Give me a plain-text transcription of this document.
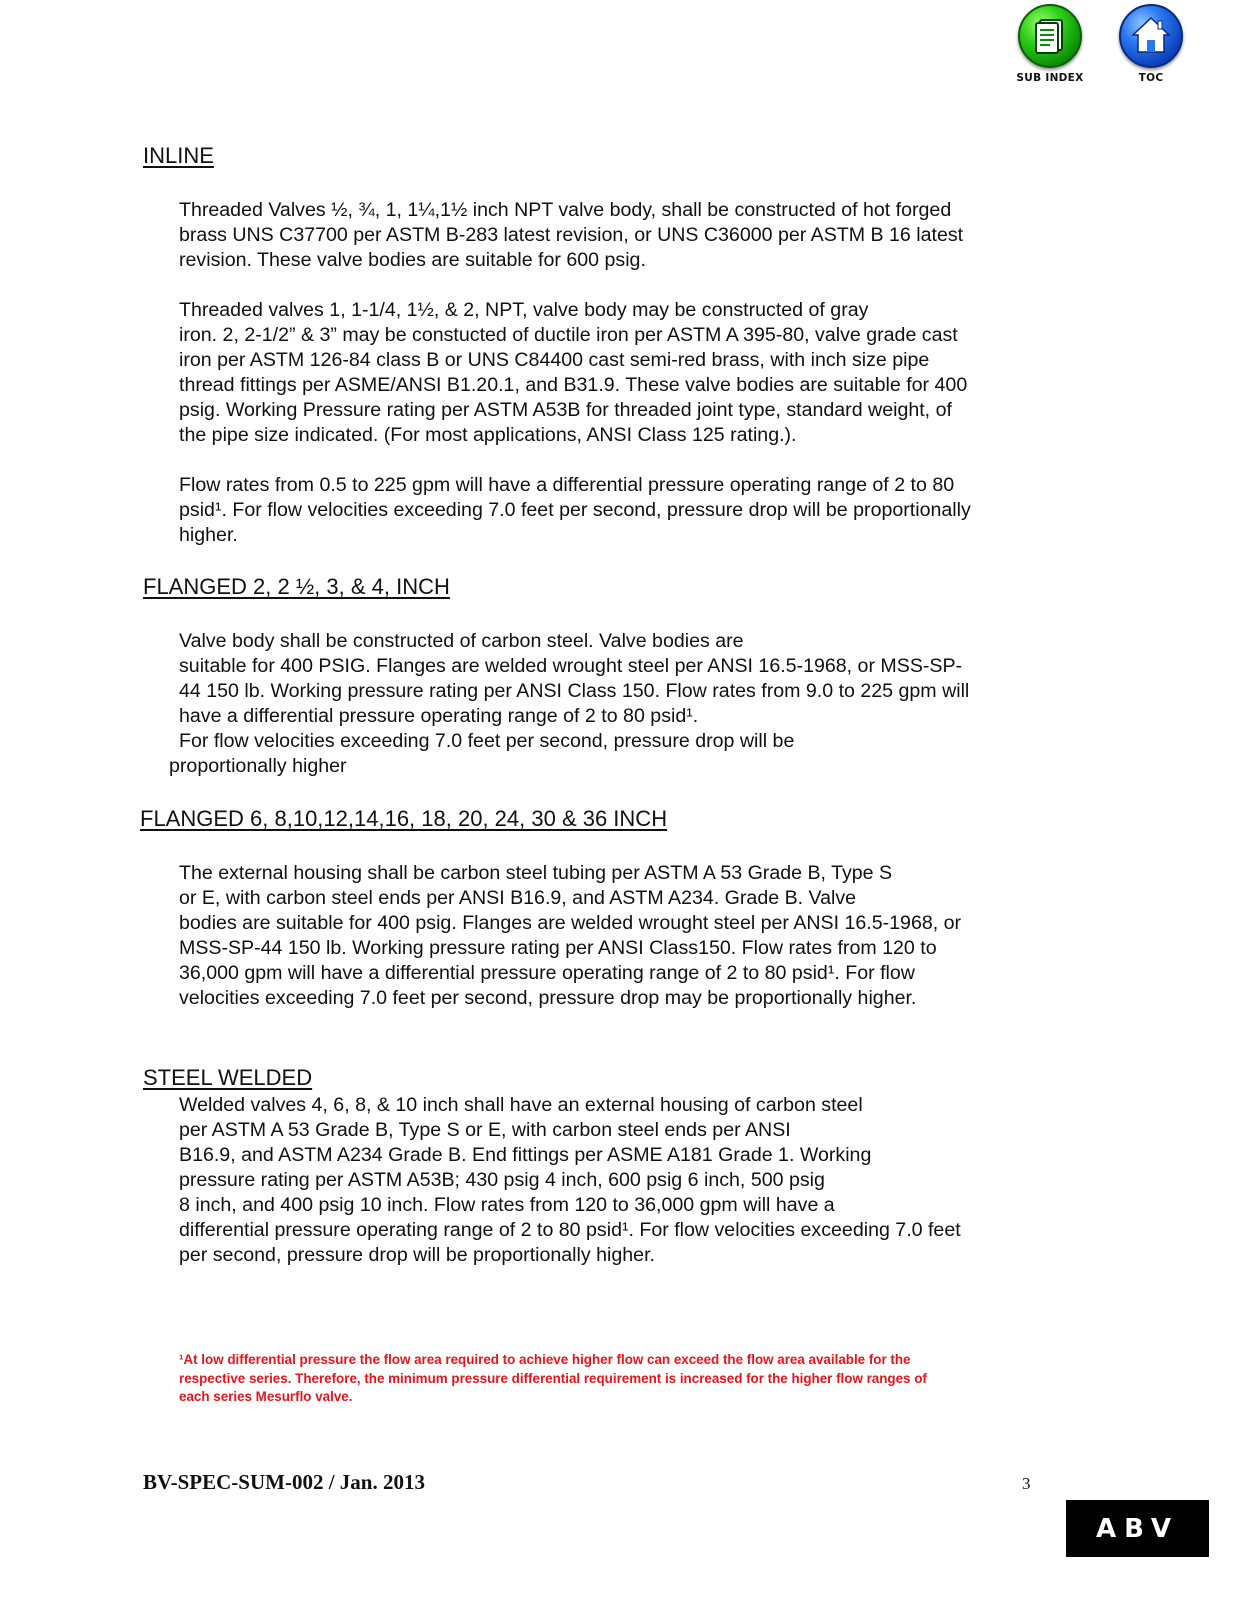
SUB INDEX	TOC
INLINE

Threaded Valves ½, ¾, 1, 1¼,1½ inch NPT valve body, shall be constructed of hot forged
brass UNS C37700 per ASTM B-283 latest revision, or UNS C36000 per ASTM B 16 latest
revision. These valve bodies are suitable for 600 psig.

Threaded valves 1, 1-1/4, 1½, & 2, NPT, valve body may be constructed of gray
iron. 2, 2-1/2” & 3” may be constucted of ductile iron per ASTM A 395-80, valve grade cast
iron per ASTM 126-84 class B or UNS C84400 cast semi-red brass, with inch size pipe
thread fittings per ASME/ANSI B1.20.1, and B31.9. These valve bodies are suitable for 400
psig. Working Pressure rating per ASTM A53B for threaded joint type, standard weight, of
the pipe size indicated. (For most applications, ANSI Class 125 rating.).

Flow rates from 0.5 to 225 gpm will have a differential pressure operating range of 2 to 80
psid¹. For flow velocities exceeding 7.0 feet per second, pressure drop will be proportionally
higher.

FLANGED 2, 2 ½, 3, & 4, INCH

Valve body shall be constructed of carbon steel. Valve bodies are
suitable for 400 PSIG. Flanges are welded wrought steel per ANSI 16.5-1968, or MSS-SP-
44 150 lb. Working pressure rating per ANSI Class 150. Flow rates from 9.0 to 225 gpm will
have a differential pressure operating range of 2 to 80 psid¹.
For flow velocities exceeding 7.0 feet per second, pressure drop will be
proportionally higher

FLANGED 6, 8,10,12,14,16, 18, 20, 24, 30 & 36 INCH

The external housing shall be carbon steel tubing per ASTM A 53 Grade B, Type S
or E, with carbon steel ends per ANSI B16.9, and ASTM A234. Grade B. Valve
bodies are suitable for 400 psig. Flanges are welded wrought steel per ANSI 16.5-1968, or
MSS-SP-44 150 lb. Working pressure rating per ANSI Class150. Flow rates from 120 to
36,000 gpm will have a differential pressure operating range of 2 to 80 psid¹. For flow
velocities exceeding 7.0 feet per second, pressure drop may be proportionally higher.

STEEL WELDED

Welded valves 4, 6, 8, & 10 inch shall have an external housing of carbon steel
per ASTM A 53 Grade B, Type S or E, with carbon steel ends per ANSI
B16.9, and ASTM A234 Grade B. End fittings per ASME A181 Grade 1. Working
pressure rating per ASTM A53B; 430 psig 4 inch, 600 psig 6 inch, 500 psig
8 inch, and 400 psig 10 inch. Flow rates from 120 to 36,000 gpm will have a
differential pressure operating range of 2 to 80 psid¹. For flow velocities exceeding 7.0 feet
per second, pressure drop will be proportionally higher.

¹At low differential pressure the flow area required to achieve higher flow can exceed the flow area available for the
respective series. Therefore, the minimum pressure differential requirement is increased for the higher flow ranges of
each series Mesurflo valve.
BV-SPEC-SUM-002 / Jan. 2013	3
ABV
